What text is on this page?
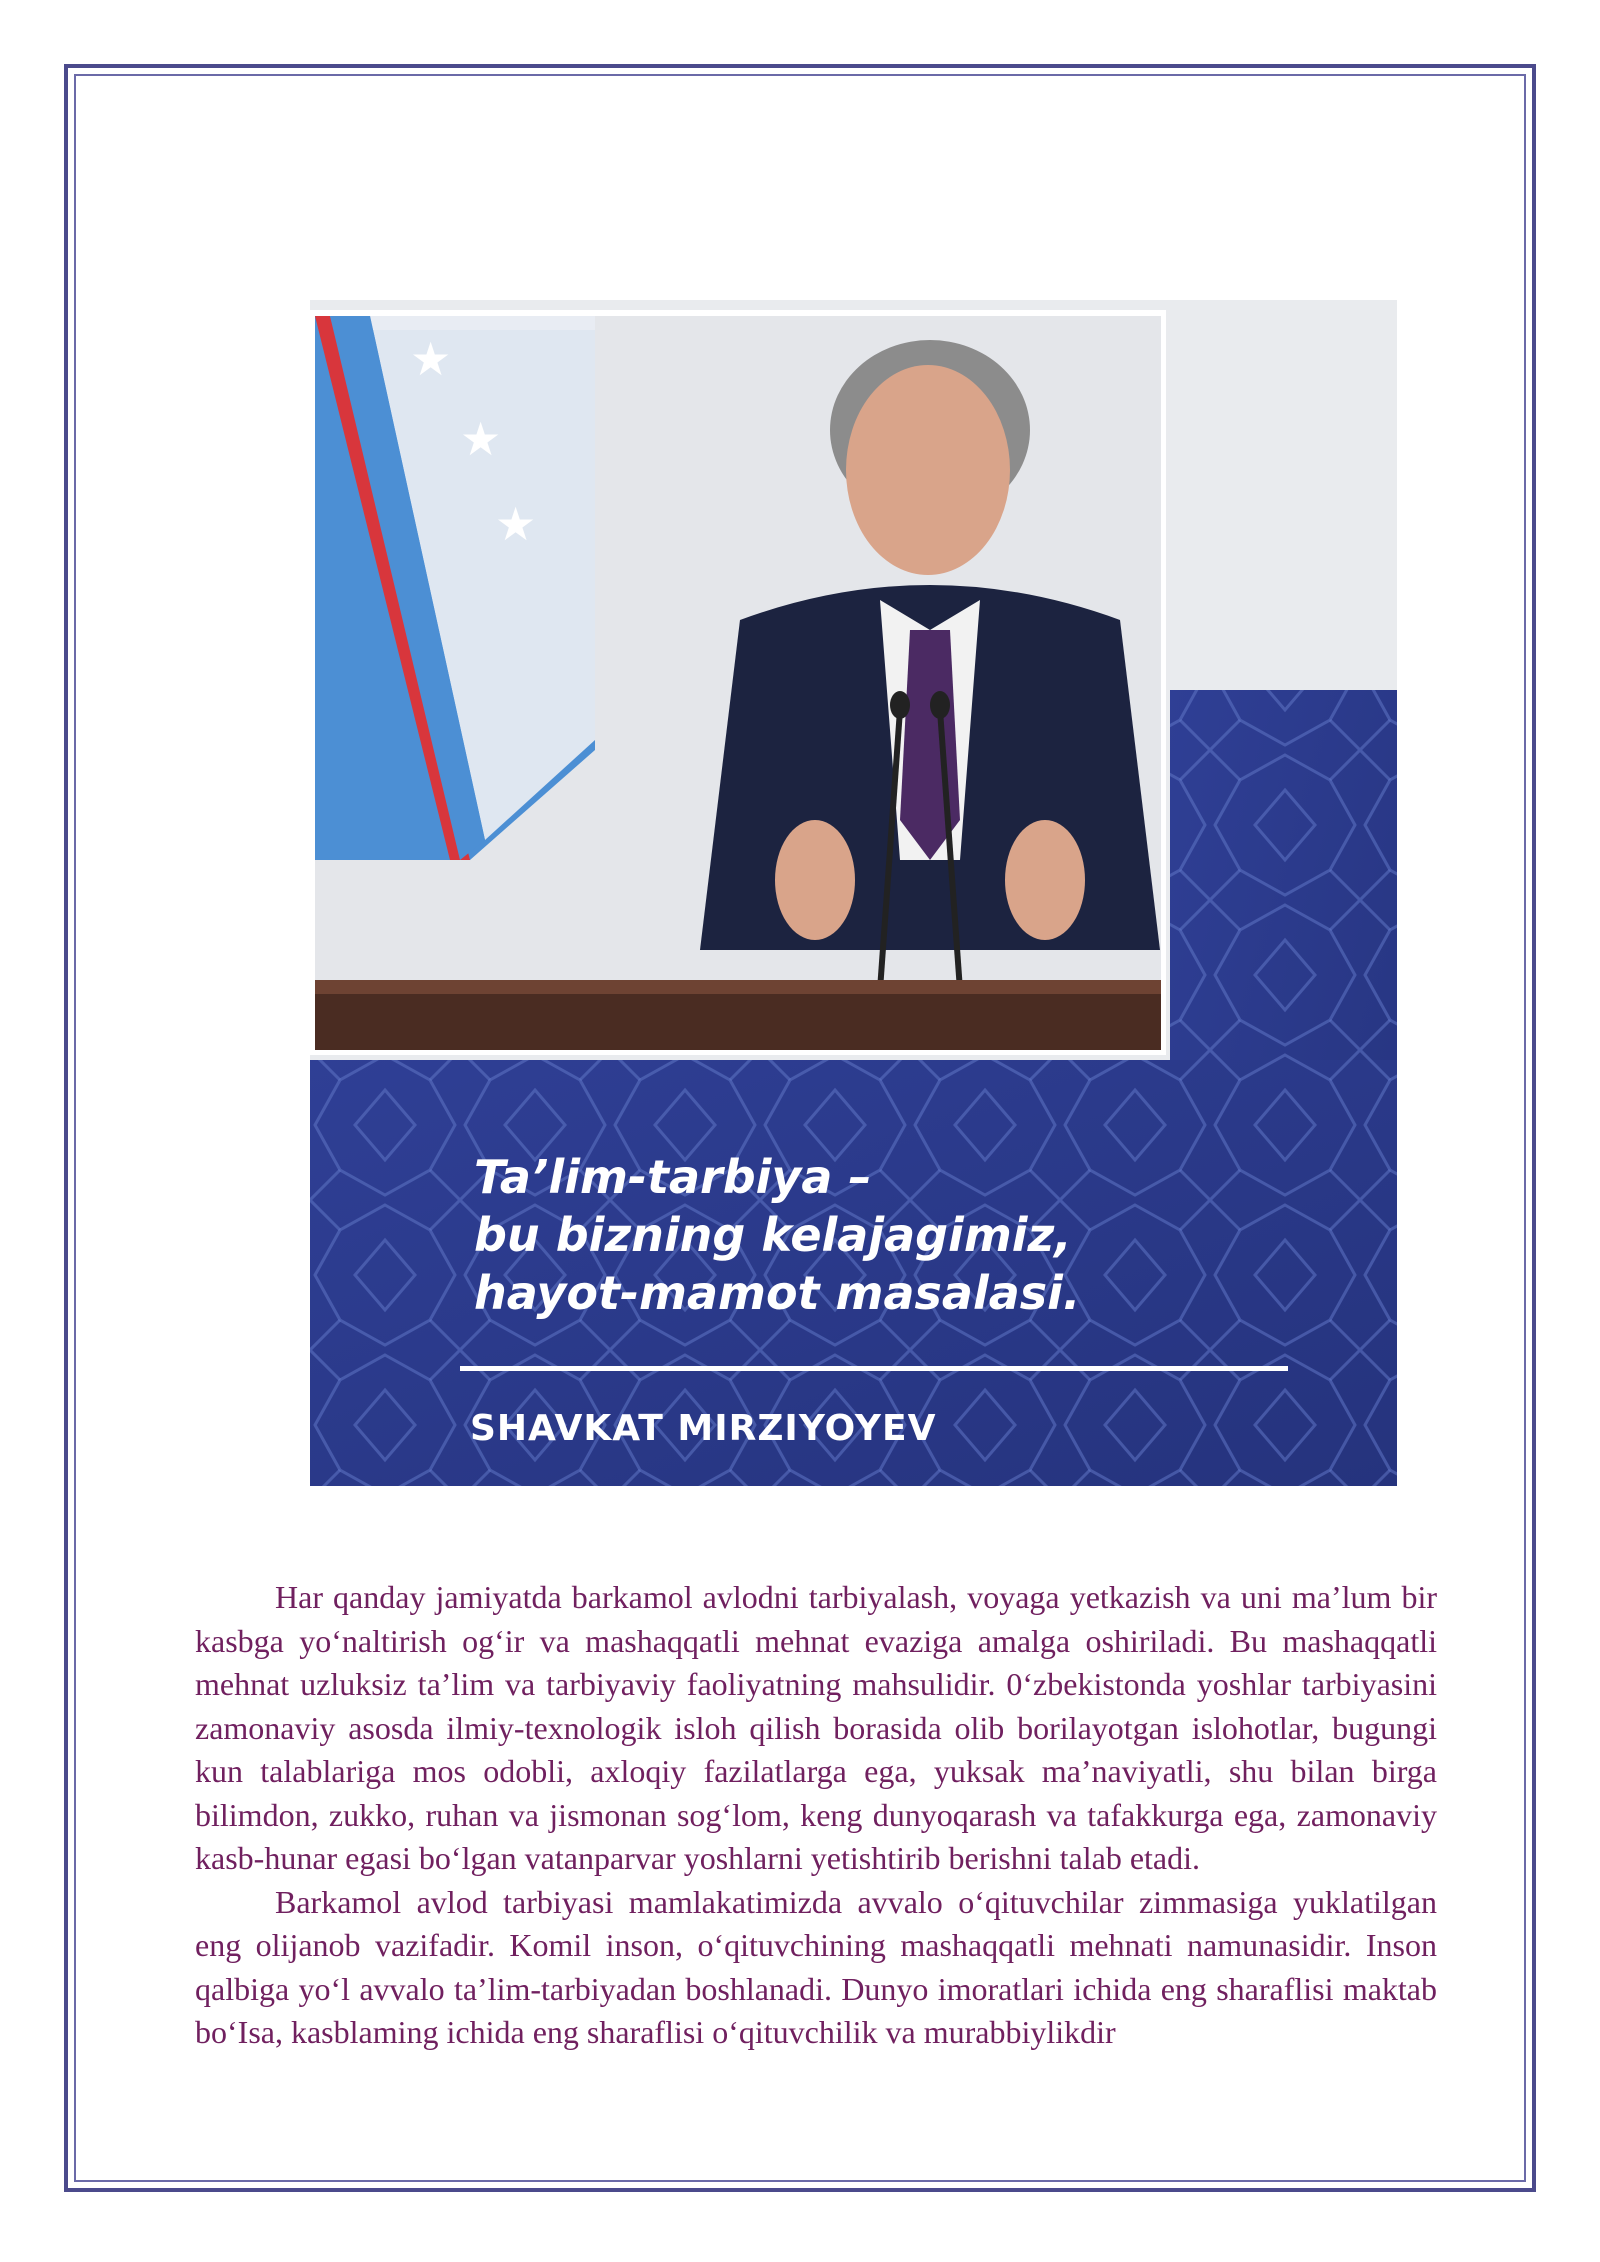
★
★
★
Ta’lim-tarbiya –
bu bizning kelajagimiz,
hayot-mamot masalasi.
SHAVKAT MIRZIYOYEV

Har qanday jamiyatda barkamol avlodni tarbiyalash, voyaga yetkazish va uni ma’lum bir kasbga yo‘naltirish og‘ir va mashaqqatli mehnat evaziga amalga oshiriladi. Bu mashaqqatli mehnat uzluksiz ta’lim va tarbiyaviy faoliyatning mahsulidir. 0‘zbekistonda yoshlar tarbiyasini zamonaviy asosda ilmiy-texnologik isloh qilish borasida olib borilayotgan islohotlar, bugungi kun talablariga mos odobli, axloqiy fazilatlarga ega, yuksak ma’naviyatli, shu bilan birga bilimdon, zukko, ruhan va jismonan sog‘lom, keng dunyoqarash va tafakkurga ega, zamonaviy kasb-hunar egasi bo‘lgan vatanparvar yoshlarni yetishtirib berishni talab etadi.

Barkamol avlod tarbiyasi mamlakatimizda avvalo o‘qituvchilar zimmasiga yuklatilgan eng olijanob vazifadir. Komil inson, o‘qituvchining mashaqqatli mehnati namunasidir. Inson qalbiga yo‘l avvalo ta’lim-tarbiyadan boshlanadi. Dunyo imoratlari ichida eng sharaflisi maktab bo‘Isa, kasblaming ichida eng sharaflisi o‘qituvchilik va murabbiylikdir
